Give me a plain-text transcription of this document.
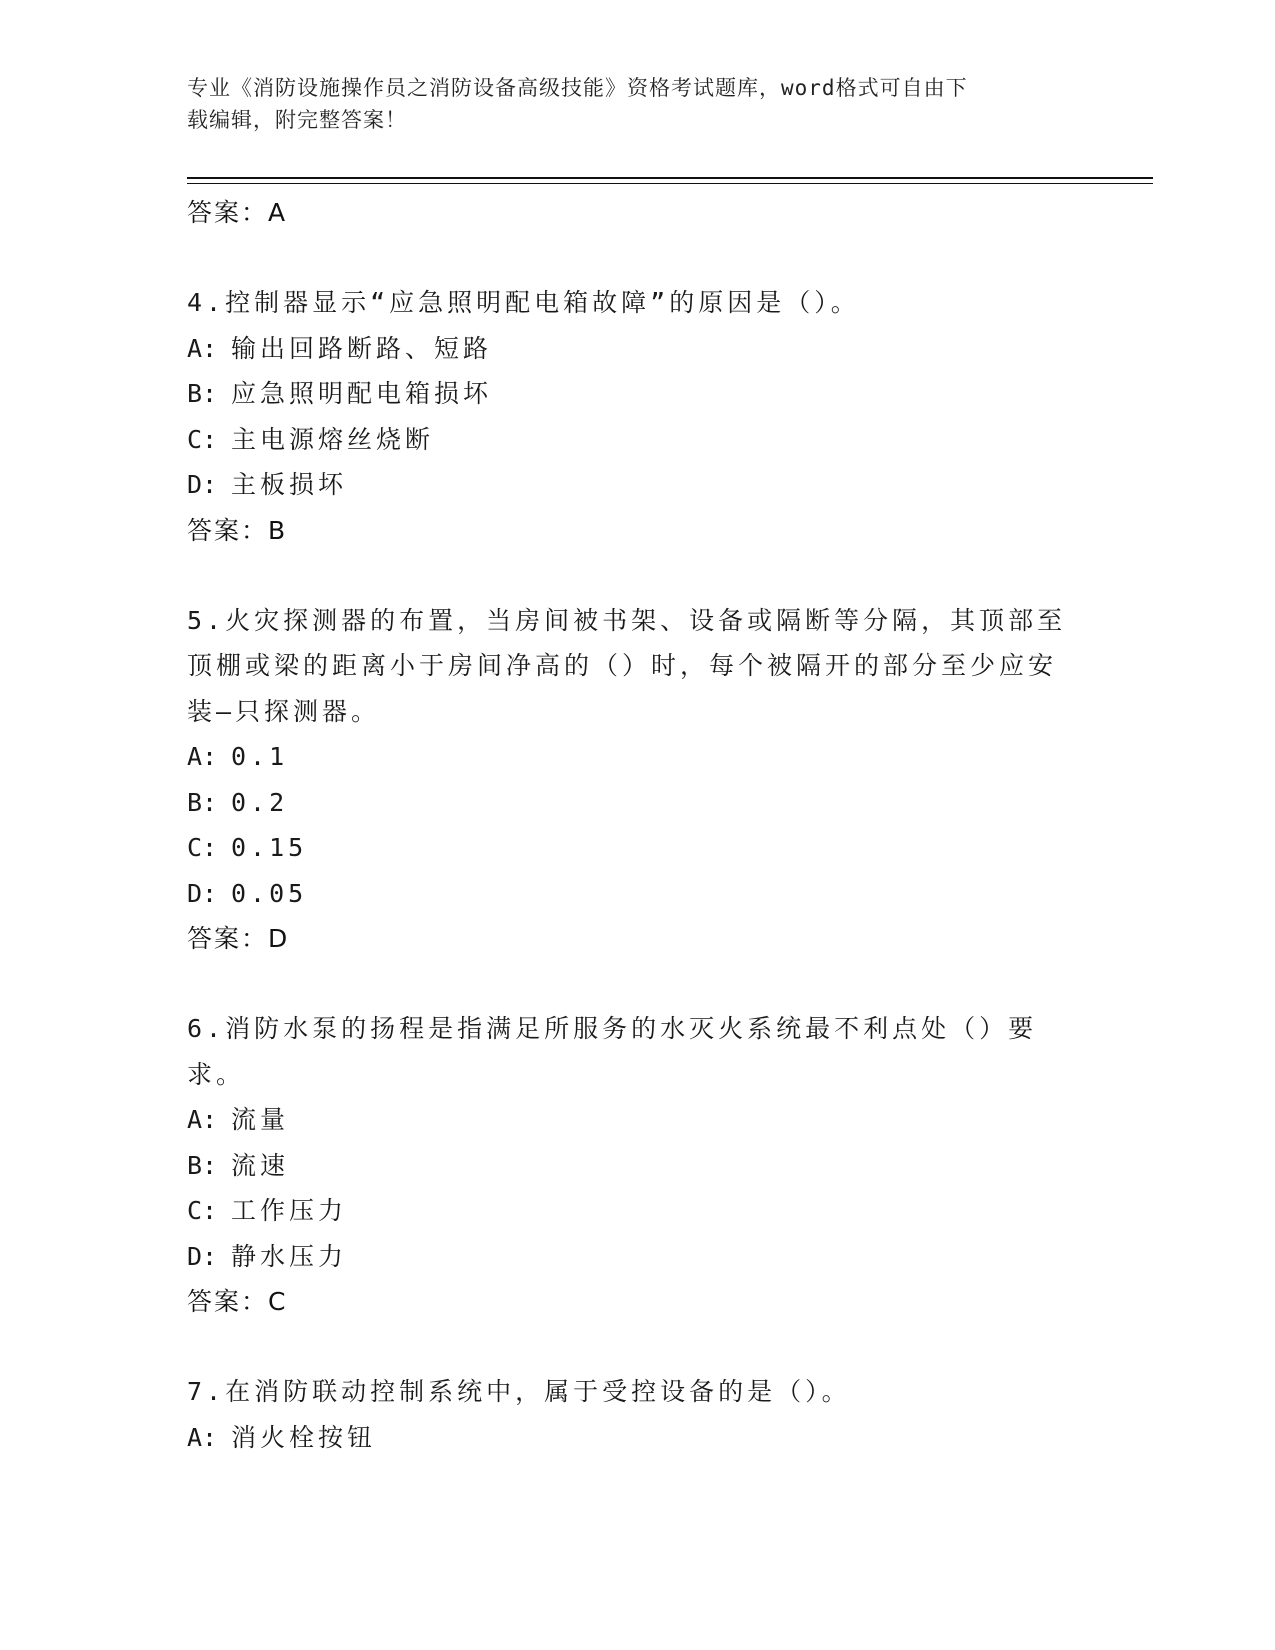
专业《消防设施操作员之消防设备高级技能》资格考试题库，word格式可自由下
载编辑，附完整答案！
答案：A
4.控制器显示“应急照明配电箱故障”的原因是（）。
A: 输出回路断路、短路
B: 应急照明配电箱损坏
C: 主电源熔丝烧断
D: 主板损坏
答案：B
5.火灾探测器的布置，当房间被书架、设备或隔断等分隔，其顶部至顶棚或梁的距离小于房间净高的（）时，每个被隔开的部分至少应安装—只探测器。
A: 0.1
B: 0.2
C: 0.15
D: 0.05
答案：D
6.消防水泵的扬程是指满足所服务的水灭火系统最不利点处（）要求。
A: 流量
B: 流速
C: 工作压力
D: 静水压力
答案：C
7.在消防联动控制系统中，属于受控设备的是（）。
A: 消火栓按钮
